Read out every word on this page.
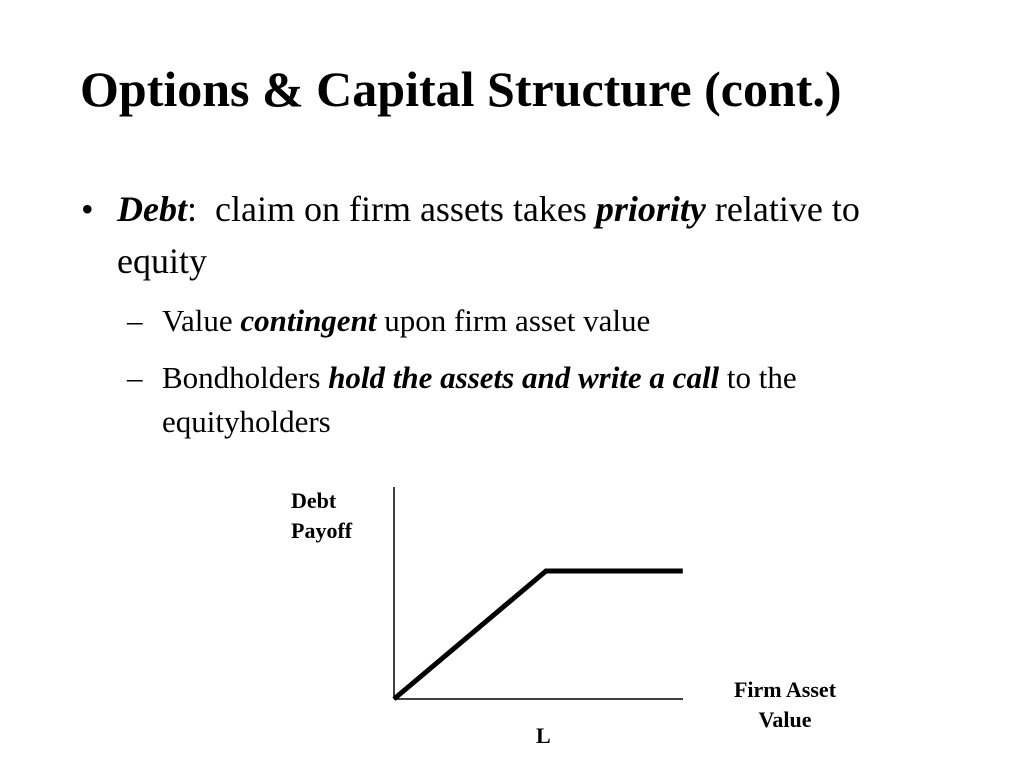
Options & Capital Structure (cont.)
• Debt:  claim on firm assets takes priority relative to equity
– Value contingent upon firm asset value
– Bondholders hold the assets and write a call to the equityholders
Debt
Payoff
Firm Asset
Value
L
